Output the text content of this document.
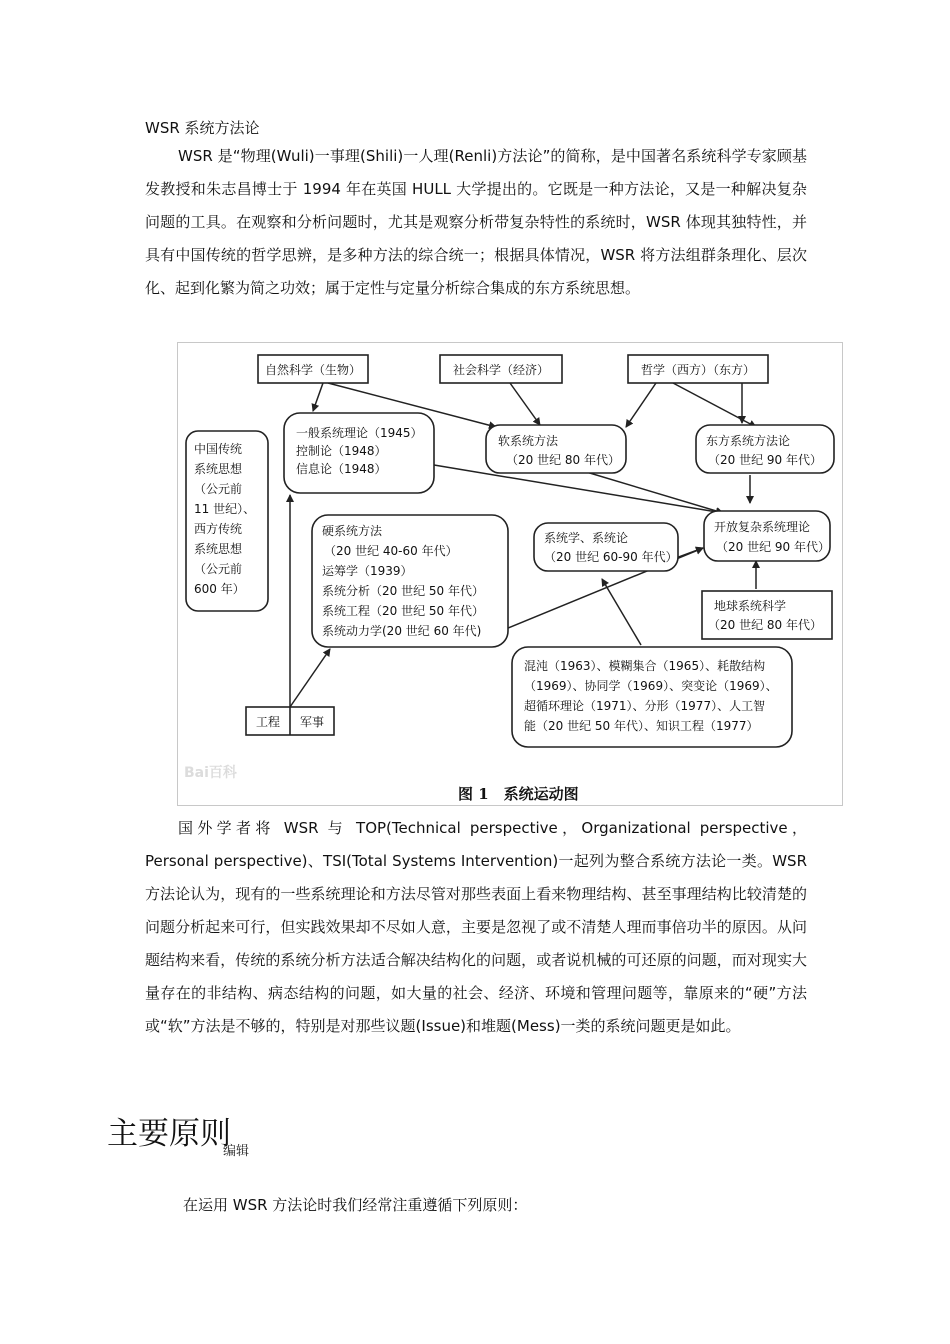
WSR 系统方法论

WSR 是“物理(Wuli)一事理(Shili)一人理(Renli)方法论”的简称，是中国著名系统科学专家顾基发教授和朱志昌博士于 1994 年在英国 HULL 大学提出的。它既是一种方法论，又是一种解决复杂问题的工具。在观察和分析问题时，尤其是观察分析带复杂特性的系统时，WSR 体现其独特性，并具有中国传统的哲学思辨，是多种方法的综合统一；根据具体情况，WSR 将方法组群条理化、层次化、起到化繁为简之功效；属于定性与定量分析综合集成的东方系统思想。

自然科学（生物）	社会科学（经济）	哲学（西方）（东方）
一般系统理论（1945）
控制论（1948）
信息论（1948）
软系统方法
（20 世纪 80 年代）
东方系统方法论
（20 世纪 90 年代）
中国传统
系统思想
（公元前
11 世纪）、
西方传统
系统思想
（公元前
600 年）
硬系统方法
（20 世纪 40-60 年代）
运筹学（1939）
系统分析（20 世纪 50 年代）
系统工程（20 世纪 50 年代）
系统动力学(20 世纪 60 年代)
系统学、系统论
（20 世纪 60-90 年代）
开放复杂系统理论
（20 世纪 90 年代）
地球系统科学
（20 世纪 80 年代）
混沌（1963）、模糊集合（1965）、耗散结构
（1969）、协同学（1969）、突变论（1969）、
超循环理论（1971）、分形（1977）、人工智
能（20 世纪 50 年代）、知识工程（1977）
工程 军事
Bai百科
图 1　系统运动图

国外学者将 WSR 与 TOP(Technical perspective，Organizational perspective，Personal perspective)、TSI(Total Systems Intervention)一起列为整合系统方法论一类。WSR 方法论认为，现有的一些系统理论和方法尽管对那些表面上看来物理结构、甚至事理结构比较清楚的问题分析起来可行，但实践效果却不尽如人意，主要是忽视了或不清楚人理而事倍功半的原因。从问题结构来看，传统的系统分析方法适合解决结构化的问题，或者说机械的可还原的问题，而对现实大量存在的非结构、病态结构的问题，如大量的社会、经济、环境和管理问题等，靠原来的“硬”方法或“软”方法是不够的，特别是对那些议题(Issue)和堆题(Mess)一类的系统问题更是如此。

主要原则
编辑

在运用 WSR 方法论时我们经常注重遵循下列原则：
